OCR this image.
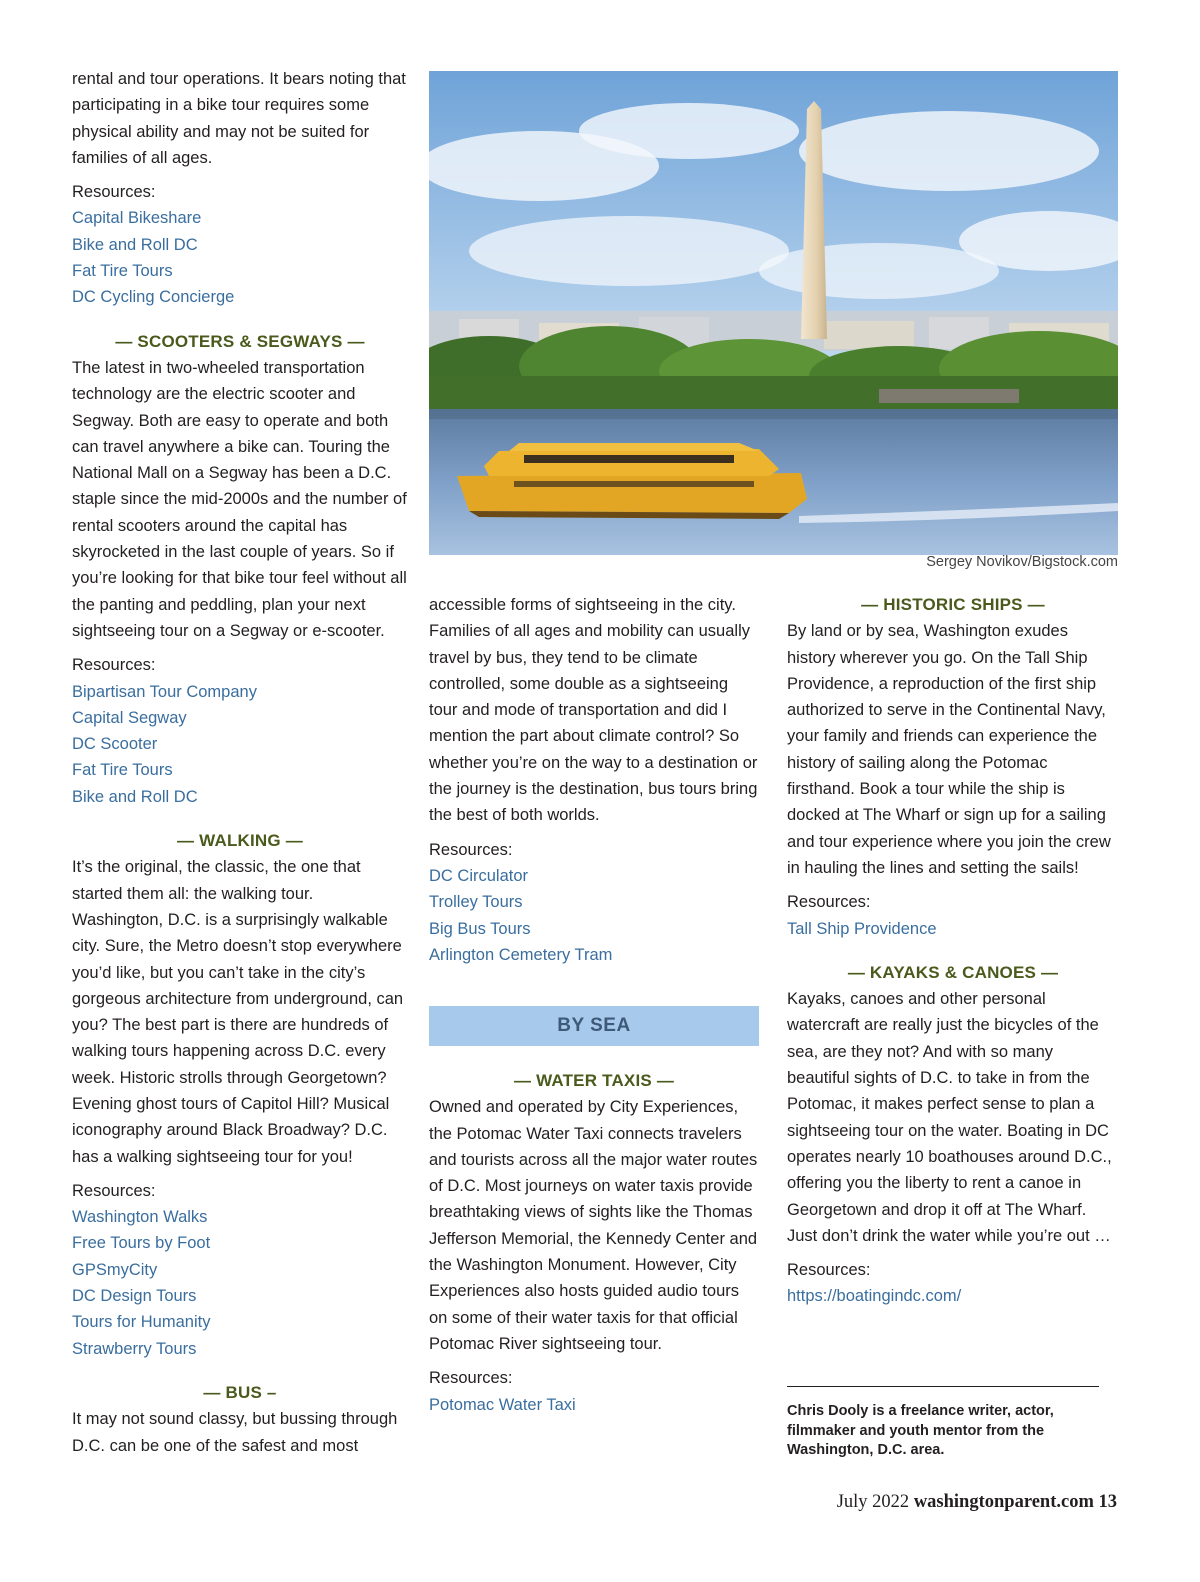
rental and tour operations. It bears noting that participating in a bike tour requires some physical ability and may not be suited for families of all ages.

Resources:

Capital Bikeshare
Bike and Roll DC
Fat Tire Tours
DC Cycling Concierge

— SCOOTERS & SEGWAYS —

The latest in two-wheeled transportation technology are the electric scooter and Segway. Both are easy to operate and both can travel anywhere a bike can. Touring the National Mall on a Segway has been a D.C. staple since the mid-2000s and the number of rental scooters around the capital has skyrocketed in the last couple of years. So if you’re looking for that bike tour feel without all the panting and peddling, plan your next sightseeing tour on a Segway or e-scooter.

Resources:

Bipartisan Tour Company
Capital Segway
DC Scooter
Fat Tire Tours
Bike and Roll DC

— WALKING —

It’s the original, the classic, the one that started them all: the walking tour. Washington, D.C. is a surprisingly walkable city. Sure, the Metro doesn’t stop everywhere you’d like, but you can’t take in the city’s gorgeous architecture from underground, can you? The best part is there are hundreds of walking tours happening across D.C. every week. Historic strolls through Georgetown? Evening ghost tours of Capitol Hill? Musical iconography around Black Broadway? D.C. has a walking sightseeing tour for you!

Resources:

Washington Walks
Free Tours by Foot
GPSmyCity
DC Design Tours
Tours for Humanity
Strawberry Tours

— BUS –

It may not sound classy, but bussing through D.C. can be one of the safest and most

Sergey Novikov/Bigstock.com

accessible forms of sightseeing in the city. Families of all ages and mobility can usually travel by bus, they tend to be climate controlled, some double as a sightseeing tour and mode of transportation and did I mention the part about climate control? So whether you’re on the way to a destination or the journey is the destination, bus tours bring the best of both worlds.

Resources:

DC Circulator
Trolley Tours
Big Bus Tours
Arlington Cemetery Tram
BY SEA

— WATER TAXIS —

Owned and operated by City Experiences, the Potomac Water Taxi connects travelers and tourists across all the major water routes of D.C. Most journeys on water taxis provide breathtaking views of sights like the Thomas Jefferson Memorial, the Kennedy Center and the Washington Monument. However, City Experiences also hosts guided audio tours on some of their water taxis for that official Potomac River sightseeing tour.

Resources:

Potomac Water Taxi

— HISTORIC SHIPS —

By land or by sea, Washington exudes history wherever you go. On the Tall Ship Providence, a reproduction of the first ship authorized to serve in the Continental Navy, your family and friends can experience the history of sailing along the Potomac firsthand. Book a tour while the ship is docked at The Wharf or sign up for a sailing and tour experience where you join the crew in hauling the lines and setting the sails!

Resources:

Tall Ship Providence

— KAYAKS & CANOES —

Kayaks, canoes and other personal watercraft are really just the bicycles of the sea, are they not? And with so many beautiful sights of D.C. to take in from the Potomac, it makes perfect sense to plan a sightseeing tour on the water. Boating in DC operates nearly 10 boathouses around D.C., offering you the liberty to rent a canoe in Georgetown and drop it off at The Wharf. Just don’t drink the water while you’re out …

Resources:

https://boatingindc.com/
Chris Dooly is a freelance writer, actor, filmmaker and youth mentor from the Washington, D.C. area.
July 2022 washingtonparent.com 13
